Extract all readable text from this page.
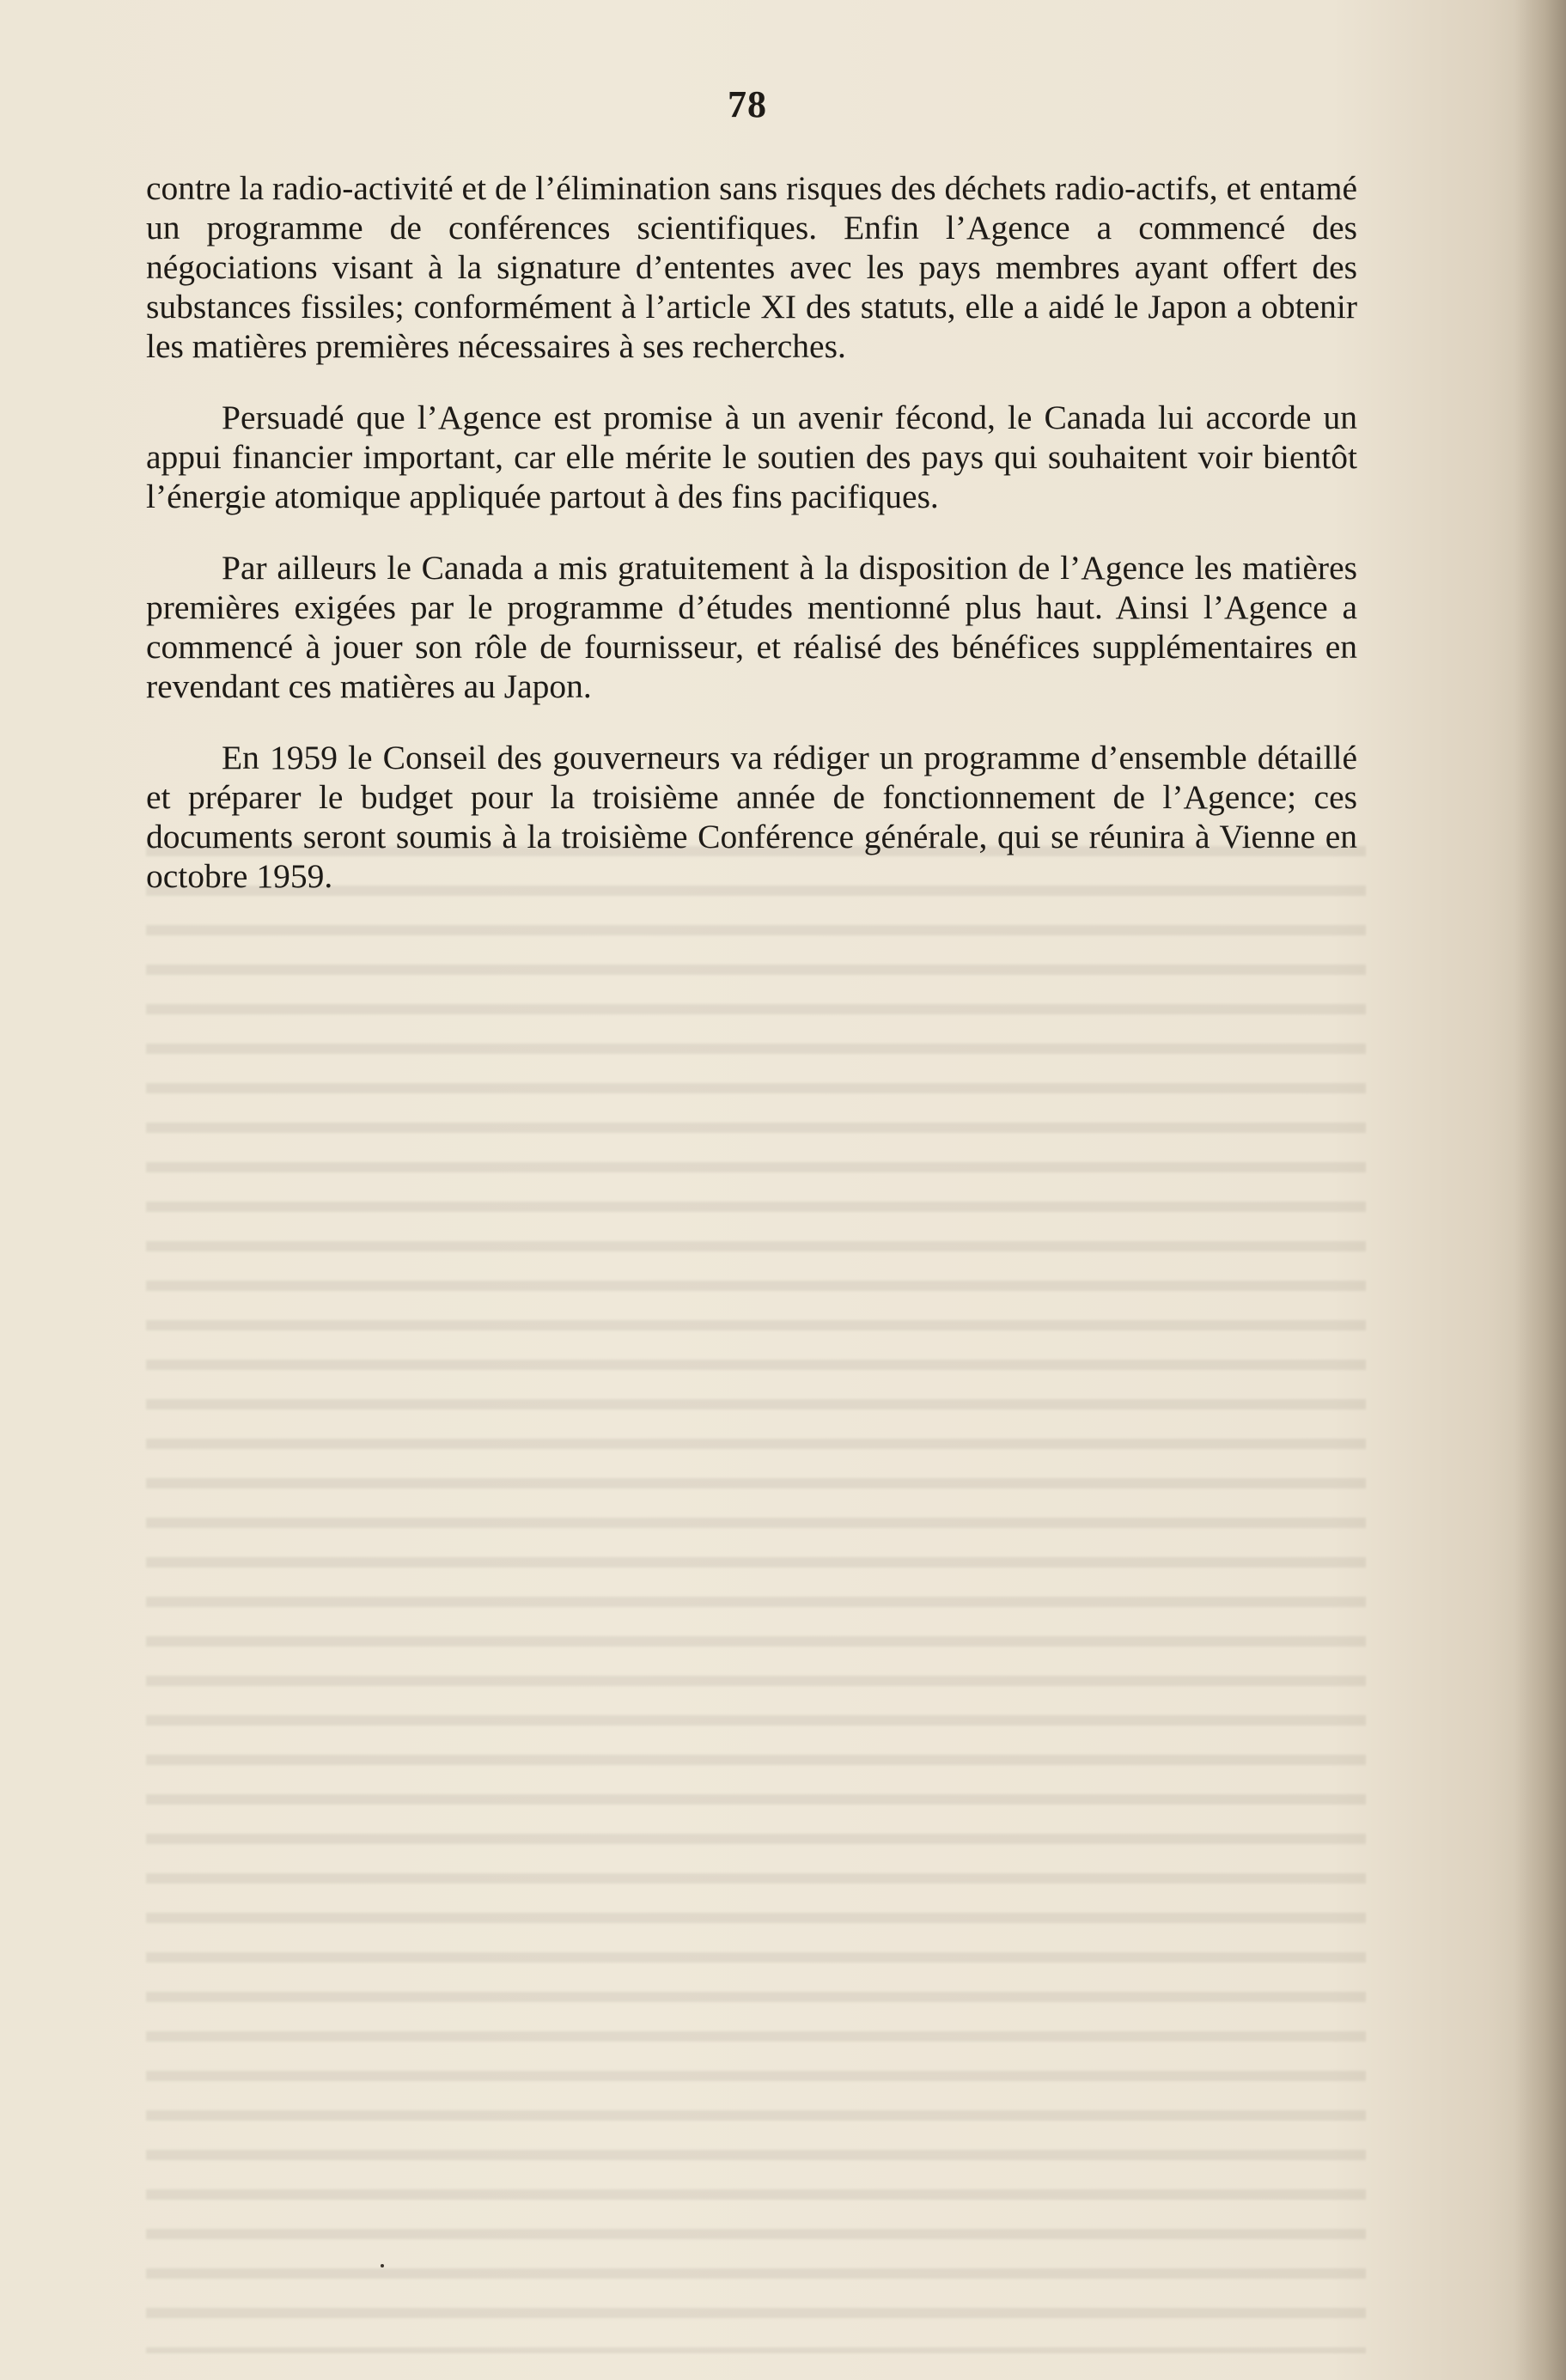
78

contre la radio-activité et de l’élimination sans risques des déchets radio-actifs, et entamé un programme de conférences scientifiques. Enfin l’Agence a commencé des négociations visant à la signature d’ententes avec les pays membres ayant offert des substances fissiles; conformément à l’article XI des statuts, elle a aidé le Japon a obtenir les matières premières nécessaires à ses recherches.

Persuadé que l’Agence est promise à un avenir fécond, le Canada lui accorde un appui financier important, car elle mérite le soutien des pays qui souhaitent voir bientôt l’énergie atomique appliquée partout à des fins pacifiques.

Par ailleurs le Canada a mis gratuitement à la disposition de l’Agence les matières premières exigées par le programme d’études mentionné plus haut. Ainsi l’Agence a commencé à jouer son rôle de fournisseur, et réalisé des bénéfices supplémentaires en revendant ces matières au Japon.

En 1959 le Conseil des gouverneurs va rédiger un programme d’ensemble détaillé et préparer le budget pour la troisième année de fonctionnement de l’Agence; ces documents seront soumis à la troisième Conférence générale, qui se réunira à Vienne en octobre 1959.
